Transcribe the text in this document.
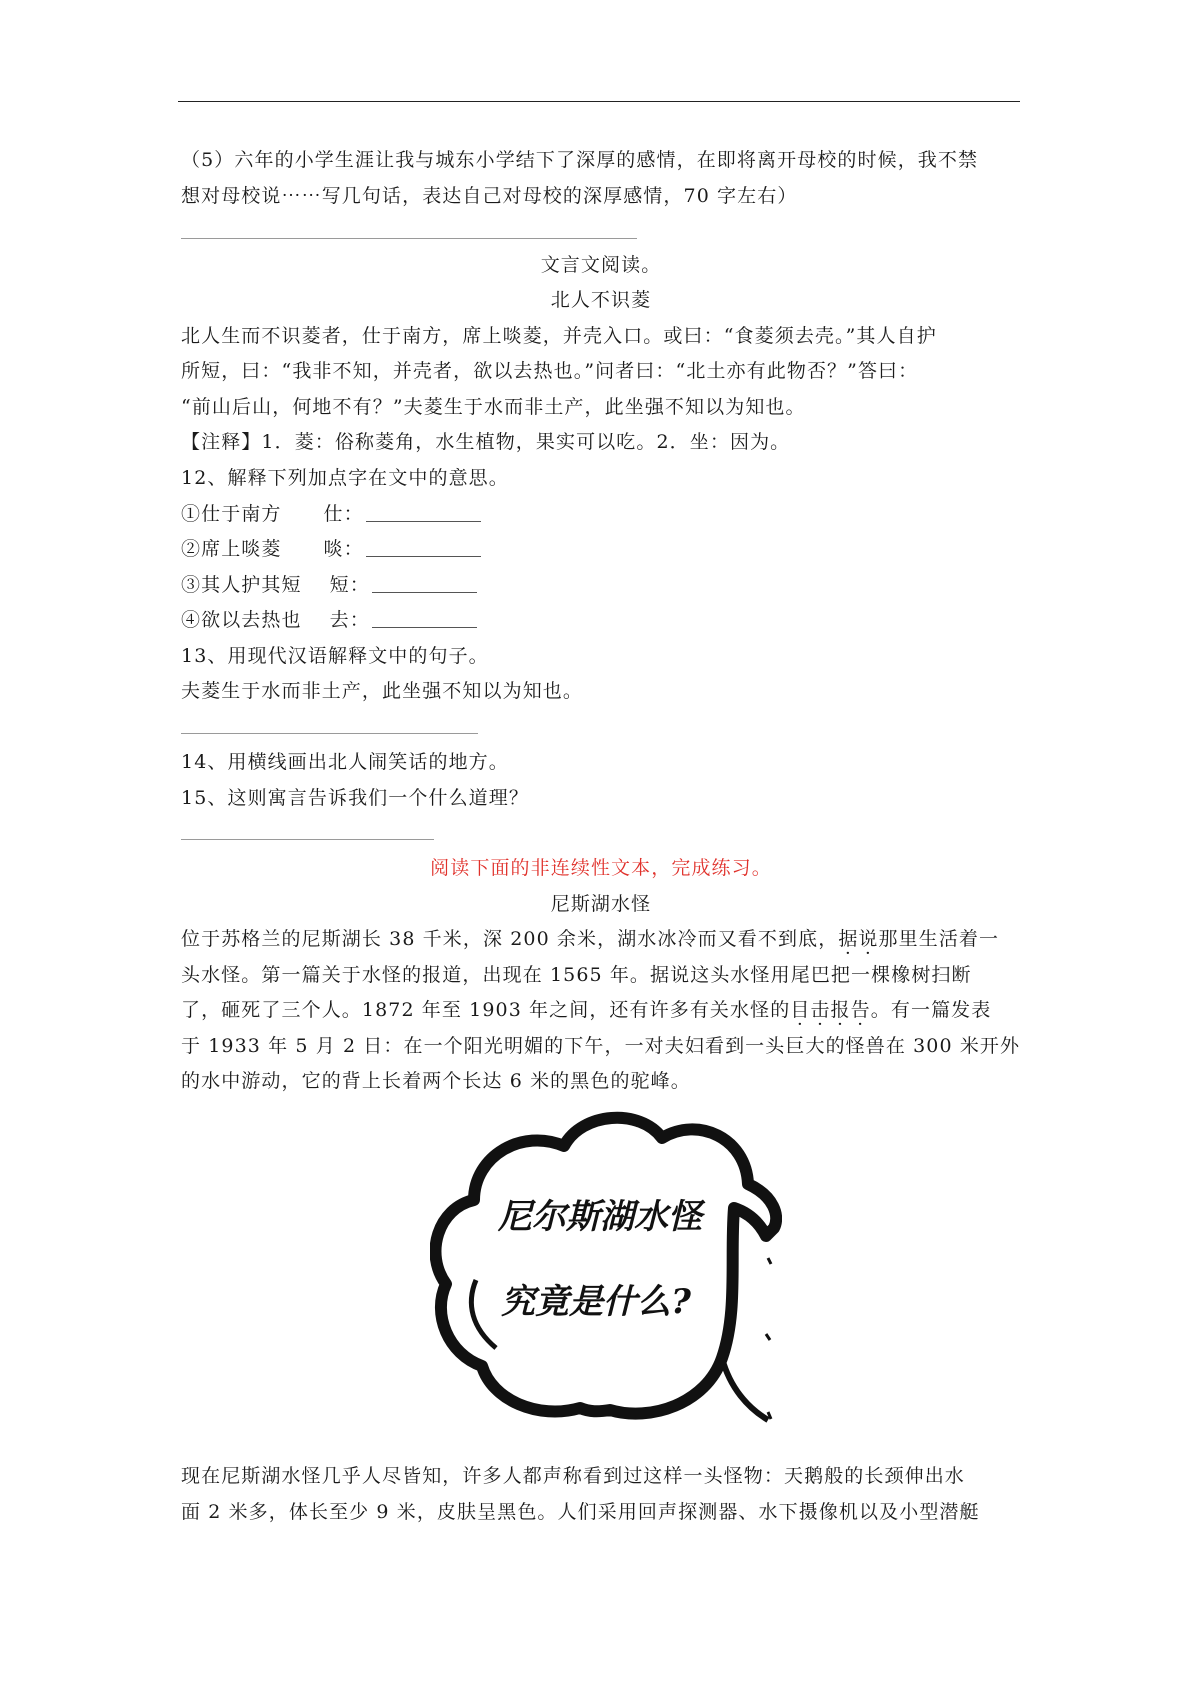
（5）六年的小学生涯让我与城东小学结下了深厚的感情，在即将离开母校的时候，我不禁
想对母校说⋯⋯写几句话，表达自己对母校的深厚感情，70 字左右）
文言文阅读。
北人不识菱
北人生而不识菱者，仕于南方，席上啖菱，并壳入口。或曰：“食菱须去壳。”其人自护
所短，曰：“我非不知，并壳者，欲以去热也。”问者曰：“北土亦有此物否？”答曰：
“前山后山，何地不有？”夫菱生于水而非土产，此坐强不知以为知也。
【注释】1．菱：俗称菱角，水生植物，果实可以吃。2．坐：因为。
12、解释下列加点字在文中的意思。
①仕于南方 仕：
②席上啖菱 啖：
③其人护其短 短：
④欲以去热也 去：
13、用现代汉语解释文中的句子。
夫菱生于水而非土产，此坐强不知以为知也。
14、用横线画出北人闹笑话的地方。
15、这则寓言告诉我们一个什么道理？
阅读下面的非连续性文本，完成练习。
尼斯湖水怪
位于苏格兰的尼斯湖长 38 千米，深 200 余米，湖水冰冷而又看不到底，据说那里生活着一
头水怪。第一篇关于水怪的报道，出现在 1565 年。据说这头水怪用尾巴把一棵橡树扫断
了，砸死了三个人。1872 年至 1903 年之间，还有许多有关水怪的目击报告。有一篇发表
于 1933 年 5 月 2 日：在一个阳光明媚的下午，一对夫妇看到一头巨大的怪兽在 300 米开外
的水中游动，它的背上长着两个长达 6 米的黑色的驼峰。
尼尔斯湖水怪
究竟是什么?
现在尼斯湖水怪几乎人尽皆知，许多人都声称看到过这样一头怪物：天鹅般的长颈伸出水
面 2 米多，体长至少 9 米，皮肤呈黑色。人们采用回声探测器、水下摄像机以及小型潜艇
